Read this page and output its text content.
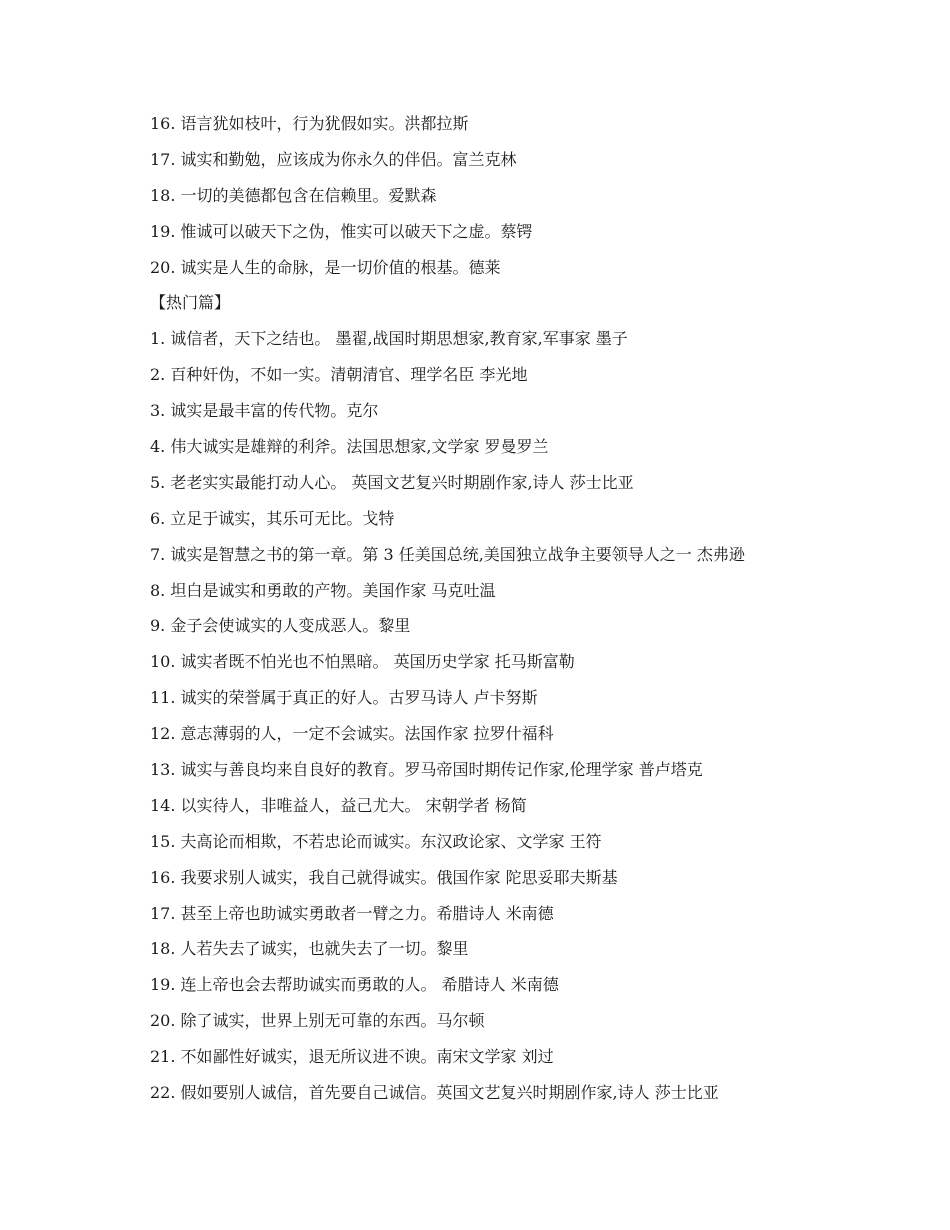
16. 语言犹如枝叶，行为犹假如实。洪都拉斯
17. 诚实和勤勉，应该成为你永久的伴侣。富兰克林
18. 一切的美德都包含在信赖里。爱默森
19. 惟诚可以破天下之伪，惟实可以破天下之虚。蔡锷
20. 诚实是人生的命脉，是一切价值的根基。德莱
【热门篇】
1. 诚信者，天下之结也。 墨翟,战国时期思想家,教育家,军事家 墨子
2. 百种奸伪，不如一实。清朝清官、理学名臣 李光地
3. 诚实是最丰富的传代物。克尔
4. 伟大诚实是雄辩的利斧。法国思想家,文学家 罗曼罗兰
5. 老老实实最能打动人心。 英国文艺复兴时期剧作家,诗人 莎士比亚
6. 立足于诚实，其乐可无比。戈特
7. 诚实是智慧之书的第一章。第 3 任美国总统,美国独立战争主要领导人之一 杰弗逊
8. 坦白是诚实和勇敢的产物。美国作家 马克吐温
9. 金子会使诚实的人变成恶人。黎里
10. 诚实者既不怕光也不怕黑暗。 英国历史学家 托马斯富勒
11. 诚实的荣誉属于真正的好人。古罗马诗人 卢卡努斯
12. 意志薄弱的人，一定不会诚实。法国作家 拉罗什福科
13. 诚实与善良均来自良好的教育。罗马帝国时期传记作家,伦理学家 普卢塔克
14. 以实待人，非唯益人，益己尤大。 宋朝学者 杨简
15. 夫高论而相欺，不若忠论而诚实。东汉政论家、文学家 王符
16. 我要求别人诚实，我自己就得诚实。俄国作家 陀思妥耶夫斯基
17. 甚至上帝也助诚实勇敢者一臂之力。希腊诗人 米南德
18. 人若失去了诚实，也就失去了一切。黎里
19. 连上帝也会去帮助诚实而勇敢的人。 希腊诗人 米南德
20. 除了诚实，世界上别无可靠的东西。马尔顿
21. 不如鄙性好诚实，退无所议进不谀。南宋文学家 刘过
22. 假如要别人诚信，首先要自己诚信。英国文艺复兴时期剧作家,诗人 莎士比亚
